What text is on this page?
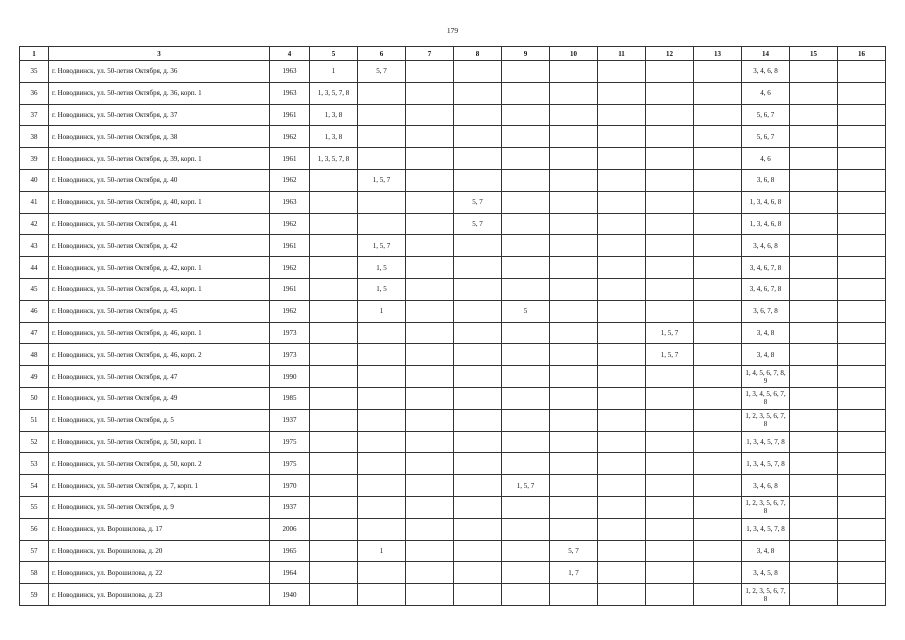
179
1	3	4	5	6	7	8	9	10	11	12	13	14	15	16
35	г. Новодвинск, ул. 50-летия Октября, д. 36	1963	1	5, 7								3, 4, 6, 8		
36	г. Новодвинск, ул. 50-летия Октября, д. 36, корп. 1	1963	1, 3, 5, 7, 8									4, 6		
37	г. Новодвинск, ул. 50-летия Октября, д. 37	1961	1, 3, 8									5, 6, 7		
38	г. Новодвинск, ул. 50-летия Октября, д. 38	1962	1, 3, 8									5, 6, 7		
39	г. Новодвинск, ул. 50-летия Октября, д. 39, корп. 1	1961	1, 3, 5, 7, 8									4, 6		
40	г. Новодвинск, ул. 50-летия Октября, д. 40	1962		1, 5, 7								3, 6, 8		
41	г. Новодвинск, ул. 50-летия Октября, д. 40, корп. 1	1963				5, 7						1, 3, 4, 6, 8		
42	г. Новодвинск, ул. 50-летия Октября, д. 41	1962				5, 7						1, 3, 4, 6, 8		
43	г. Новодвинск, ул. 50-летия Октября, д. 42	1961		1, 5, 7								3, 4, 6, 8		
44	г. Новодвинск, ул. 50-летия Октября, д. 42, корп. 1	1962		1, 5								3, 4, 6, 7, 8		
45	г. Новодвинск, ул. 50-летия Октября, д. 43, корп. 1	1961		1, 5								3, 4, 6, 7, 8		
46	г. Новодвинск, ул. 50-летия Октября, д. 45	1962		1			5					3, 6, 7, 8		
47	г. Новодвинск, ул. 50-летия Октября, д. 46, корп. 1	1973								1, 5, 7		3, 4, 8		
48	г. Новодвинск, ул. 50-летия Октября, д. 46, корп. 2	1973								1, 5, 7		3, 4, 8		
49	г. Новодвинск, ул. 50-летия Октября, д. 47	1990										1, 4, 5, 6, 7, 8, 9		
50	г. Новодвинск, ул. 50-летия Октября, д. 49	1985										1, 3, 4, 5, 6, 7, 8		
51	г. Новодвинск, ул. 50-летия Октября, д. 5	1937										1, 2, 3, 5, 6, 7, 8		
52	г. Новодвинск, ул. 50-летия Октября, д. 50, корп. 1	1975										1, 3, 4, 5, 7, 8		
53	г. Новодвинск, ул. 50-летия Октября, д. 50, корп. 2	1975										1, 3, 4, 5, 7, 8		
54	г. Новодвинск, ул. 50-летия Октября, д. 7, корп. 1	1970					1, 5, 7					3, 4, 6, 8		
55	г. Новодвинск, ул. 50-летия Октября, д. 9	1937										1, 2, 3, 5, 6, 7, 8		
56	г. Новодвинск, ул. Ворошилова, д. 17	2006										1, 3, 4, 5, 7, 8		
57	г. Новодвинск, ул. Ворошилова, д. 20	1965		1				5, 7				3, 4, 8		
58	г. Новодвинск, ул. Ворошилова, д. 22	1964						1, 7				3, 4, 5, 8		
59	г. Новодвинск, ул. Ворошилова, д. 23	1940										1, 2, 3, 5, 6, 7, 8		
